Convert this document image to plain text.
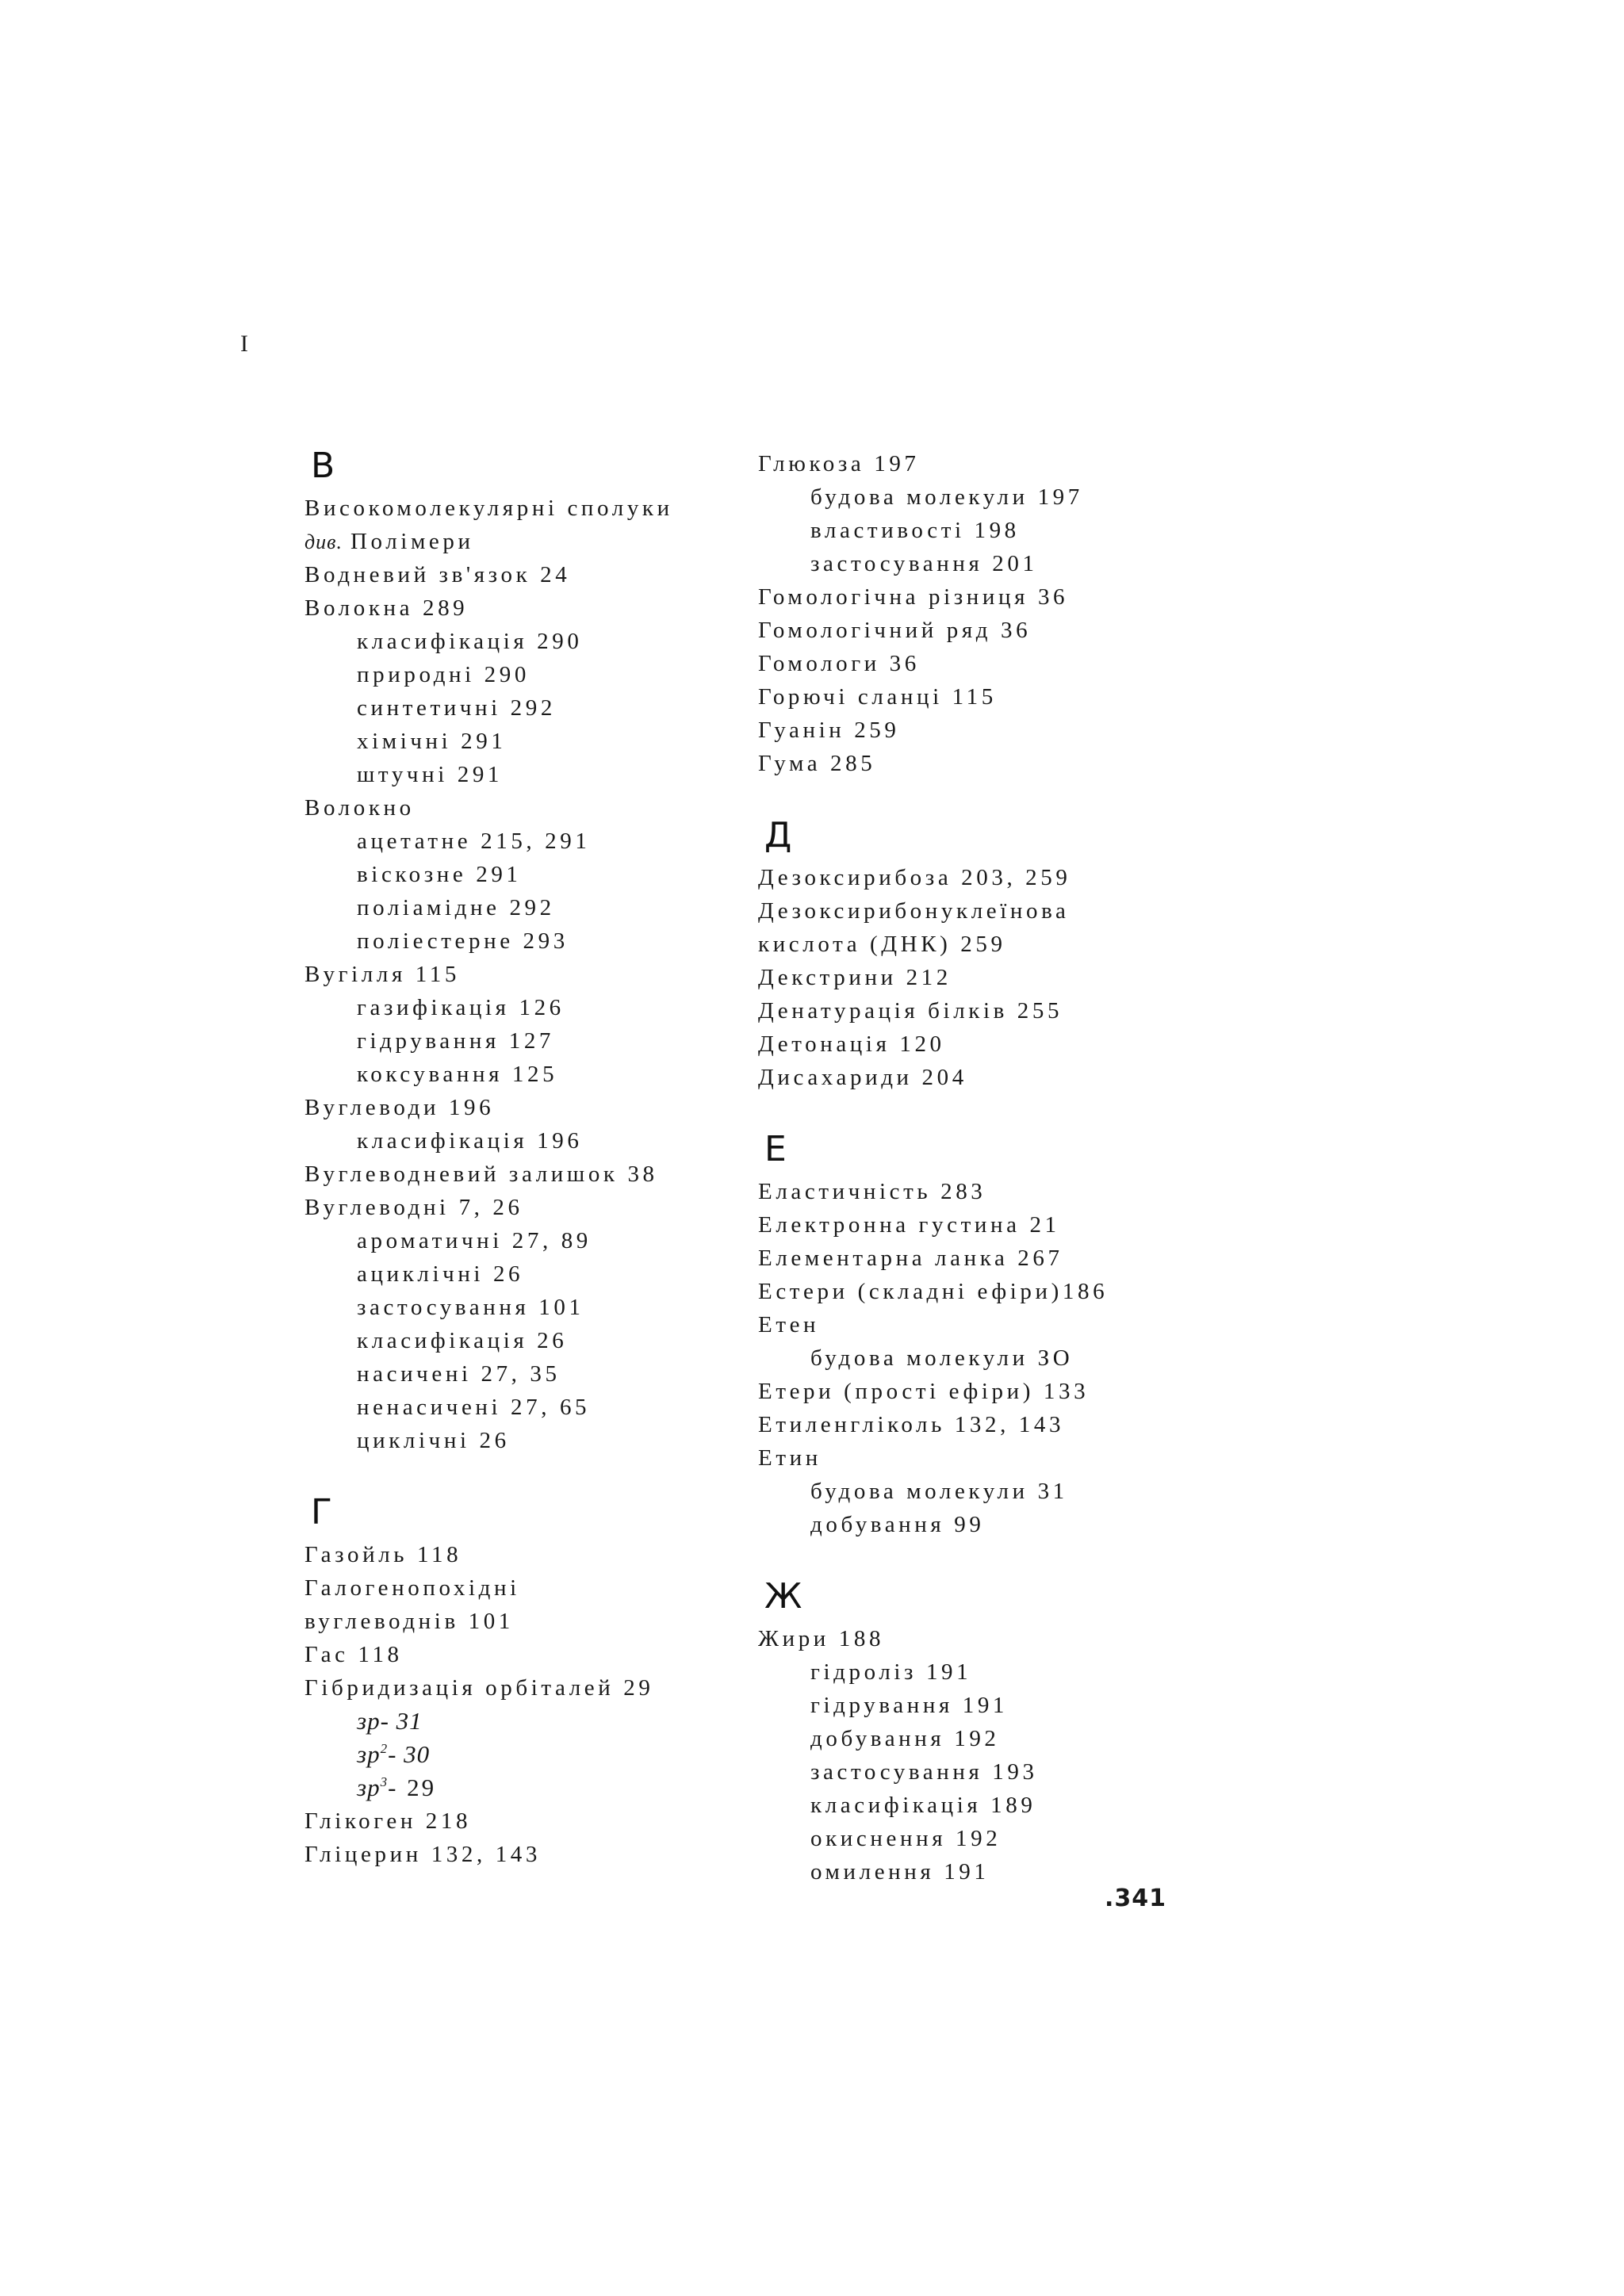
I
В
Високомолекулярні сполуки
див. Полімери
Водневий зв'язок 24
Волокна 289
класифікація 290
природні 290
синтетичні 292
хімічні 291
штучні 291
Волокно
ацетатне 215, 291
віскозне 291
поліамідне 292
поліестерне 293
Вугілля 115
газифікація 126
гідрування 127
коксування 125
Вуглеводи 196
класифікація 196
Вуглеводневий залишок 38
Вуглеводні 7, 26
ароматичні 27, 89
ациклічні 26
застосування 101
класифікація 26
насичені 27, 35
ненасичені 27, 65
циклічні 26
Г
Газойль 118
Галогенопохідні
вуглеводнів 101
Гас 118
Гібридизація орбіталей 29
зр- 31
$зр^2-$ 30
$зр^3-$ 29
Глікоген 218
Гліцерин 132, 143
Глюкоза 197
будова молекули 197
властивості 198
застосування 201
Гомологічна різниця 36
Гомологічний ряд 36
Гомологи 36
Горючі сланці 115
Гуанін 259
Гума 285
Д
Дезоксирибоза 203, 259
Дезоксирибонуклеїнова
кислота (ДНК) 259
Декстрини 212
Денатурація білків 255
Детонація 120
Дисахариди 204
Е
Еластичність 283
Електронна густина 21
Елементарна ланка 267
Естери (складні ефіри)186
Етен
будова молекули ЗО
Етери (прості ефіри) 133
Етиленгліколь 132, 143
Етин
будова молекули 31
добування 99
Ж
Жири 188
гідроліз 191
гідрування 191
добування 192
застосування 193
класифікація 189
окиснення 192
омилення 191
.341
